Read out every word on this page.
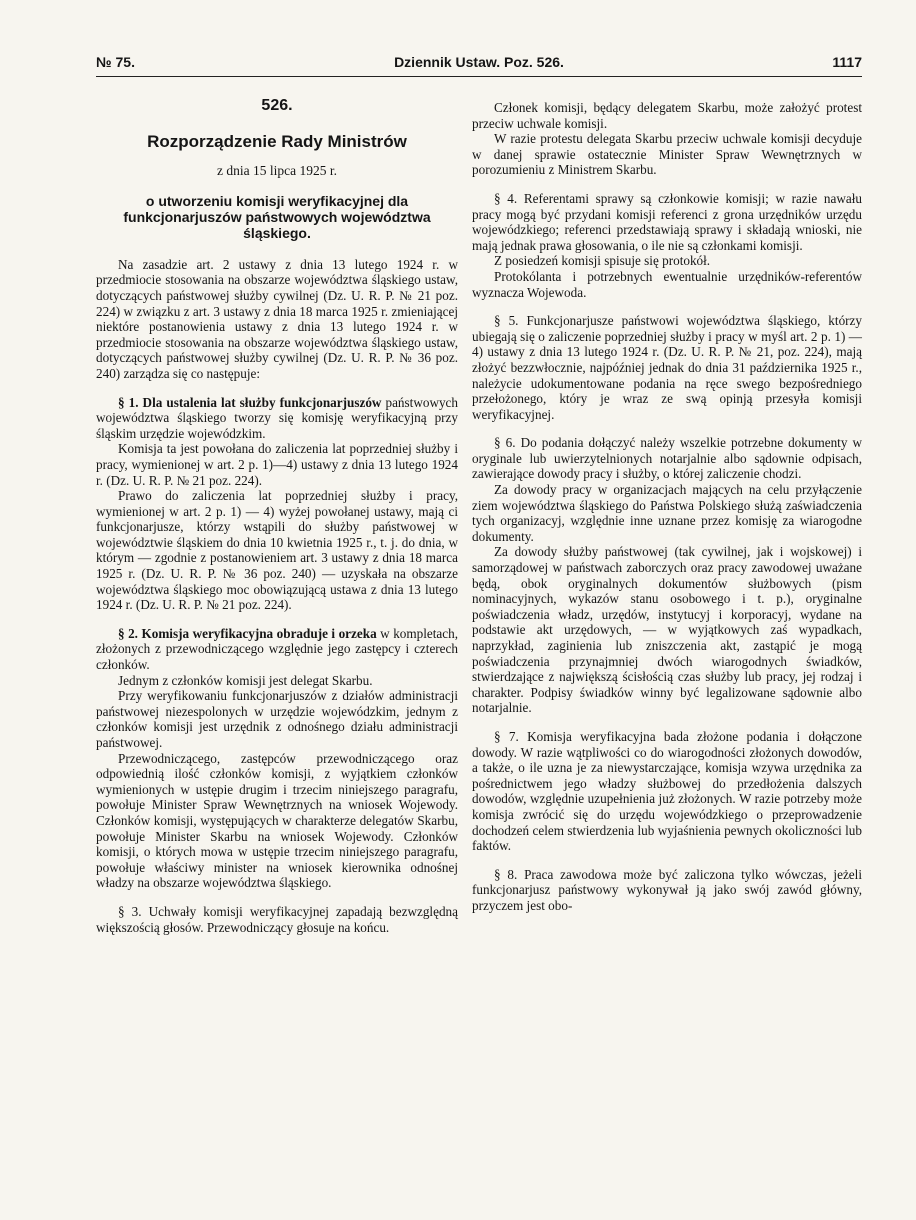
№ 75.	Dziennik Ustaw. Poz. 526.	1117
526.
Rozporządzenie Rady Ministrów
z dnia 15 lipca 1925 r.
o utworzeniu komisji weryfikacyjnej dla funkcjonarjuszów państwowych województwa śląskiego.

Na zasadzie art. 2 ustawy z dnia 13 lutego 1924 r. w przedmiocie stosowania na obszarze województwa śląskiego ustaw, dotyczących państwowej służby cywilnej (Dz. U. R. P. № 21 poz. 224) w związku z art. 3 ustawy z dnia 18 marca 1925 r. zmieniającej niektóre postanowienia ustawy z dnia 13 lutego 1924 r. w przedmiocie stosowania na obszarze województwa śląskiego ustaw, dotyczących państwowej służby cywilnej (Dz. U. R. P. № 36 poz. 240) zarządza się co następuje:

§ 1. Dla ustalenia lat służby funkcjonarjuszów państwowych województwa śląskiego tworzy się komisję weryfikacyjną przy śląskim urzędzie wojewódzkim.

Komisja ta jest powołana do zaliczenia lat poprzedniej służby i pracy, wymienionej w art. 2 p. 1)—4) ustawy z dnia 13 lutego 1924 r. (Dz. U. R. P. № 21 poz. 224).

Prawo do zaliczenia lat poprzedniej służby i pracy, wymienionej w art. 2 p. 1) — 4) wyżej powołanej ustawy, mają ci funkcjonarjusze, którzy wstąpili do służby państwowej w województwie śląskiem do dnia 10 kwietnia 1925 r., t. j. do dnia, w którym — zgodnie z postanowieniem art. 3 ustawy z dnia 18 marca 1925 r. (Dz. U. R. P. № 36 poz. 240) — uzyskała na obszarze województwa śląskiego moc obowiązującą ustawa z dnia 13 lutego 1924 r. (Dz. U. R. P. № 21 poz. 224).

§ 2. Komisja weryfikacyjna obraduje i orzeka w kompletach, złożonych z przewodniczącego względnie jego zastępcy i czterech członków.

Jednym z członków komisji jest delegat Skarbu.

Przy weryfikowaniu funkcjonarjuszów z działów administracji państwowej niezespolonych w urzędzie wojewódzkim, jednym z członków komisji jest urzędnik z odnośnego działu administracji państwowej.

Przewodniczącego, zastępców przewodniczącego oraz odpowiednią ilość członków komisji, z wyjątkiem członków wymienionych w ustępie drugim i trzecim niniejszego paragrafu, powołuje Minister Spraw Wewnętrznych na wniosek Wojewody. Członków komisji, występujących w charakterze delegatów Skarbu, powołuje Minister Skarbu na wniosek Wojewody. Członków komisji, o których mowa w ustępie trzecim niniejszego paragrafu, powołuje właściwy minister na wniosek kierownika odnośnej władzy na obszarze województwa śląskiego.

§ 3. Uchwały komisji weryfikacyjnej zapadają bezwzględną większością głosów. Przewodniczący głosuje na końcu.

Członek komisji, będący delegatem Skarbu, może założyć protest przeciw uchwale komisji.

W razie protestu delegata Skarbu przeciw uchwale komisji decyduje w danej sprawie ostatecznie Minister Spraw Wewnętrznych w porozumieniu z Ministrem Skarbu.

§ 4. Referentami sprawy są członkowie komisji; w razie nawału pracy mogą być przydani komisji referenci z grona urzędników urzędu wojewódzkiego; referenci przedstawiają sprawy i składają wnioski, nie mają jednak prawa głosowania, o ile nie są członkami komisji.

Z posiedzeń komisji spisuje się protokół.

Protokólanta i potrzebnych ewentualnie urzędników-referentów wyznacza Wojewoda.

§ 5. Funkcjonarjusze państwowi województwa śląskiego, którzy ubiegają się o zaliczenie poprzedniej służby i pracy w myśl art. 2 p. 1) — 4) ustawy z dnia 13 lutego 1924 r. (Dz. U. R. P. № 21, poz. 224), mają złożyć bezzwłocznie, najpóźniej jednak do dnia 31 października 1925 r., należycie udokumentowane podania na ręce swego bezpośredniego przełożonego, który je wraz ze swą opinją przesyła komisji weryfikacyjnej.

§ 6. Do podania dołączyć należy wszelkie potrzebne dokumenty w oryginale lub uwierzytelnionych notarjalnie albo sądownie odpisach, zawierające dowody pracy i służby, o której zaliczenie chodzi.

Za dowody pracy w organizacjach mających na celu przyłączenie ziem województwa śląskiego do Państwa Polskiego służą zaświadczenia tych organizacyj, względnie inne uznane przez komisję za wiarogodne dokumenty.

Za dowody służby państwowej (tak cywilnej, jak i wojskowej) i samorządowej w państwach zaborczych oraz pracy zawodowej uważane będą, obok oryginalnych dokumentów służbowych (pism nominacyjnych, wykazów stanu osobowego i t. p.), oryginalne poświadczenia władz, urzędów, instytucyj i korporacyj, wydane na podstawie akt urzędowych, — w wyjątkowych zaś wypadkach, naprzykład, zaginienia lub zniszczenia akt, zastąpić je mogą poświadczenia przynajmniej dwóch wiarogodnych świadków, stwierdzające z największą ścisłością czas służby lub pracy, jej rodzaj i charakter. Podpisy świadków winny być legalizowane sądownie albo notarjalnie.

§ 7. Komisja weryfikacyjna bada złożone podania i dołączone dowody. W razie wątpliwości co do wiarogodności złożonych dowodów, a także, o ile uzna je za niewystarczające, komisja wzywa urzędnika za pośrednictwem jego władzy służbowej do przedłożenia dalszych dowodów, względnie uzupełnienia już złożonych. W razie potrzeby może komisja zwrócić się do urzędu wojewódzkiego o przeprowadzenie dochodzeń celem stwierdzenia lub wyjaśnienia pewnych okoliczności lub faktów.

§ 8. Praca zawodowa może być zaliczona tylko wówczas, jeżeli funkcjonarjusz państwowy wykonywał ją jako swój zawód główny, przyczem jest obo-
